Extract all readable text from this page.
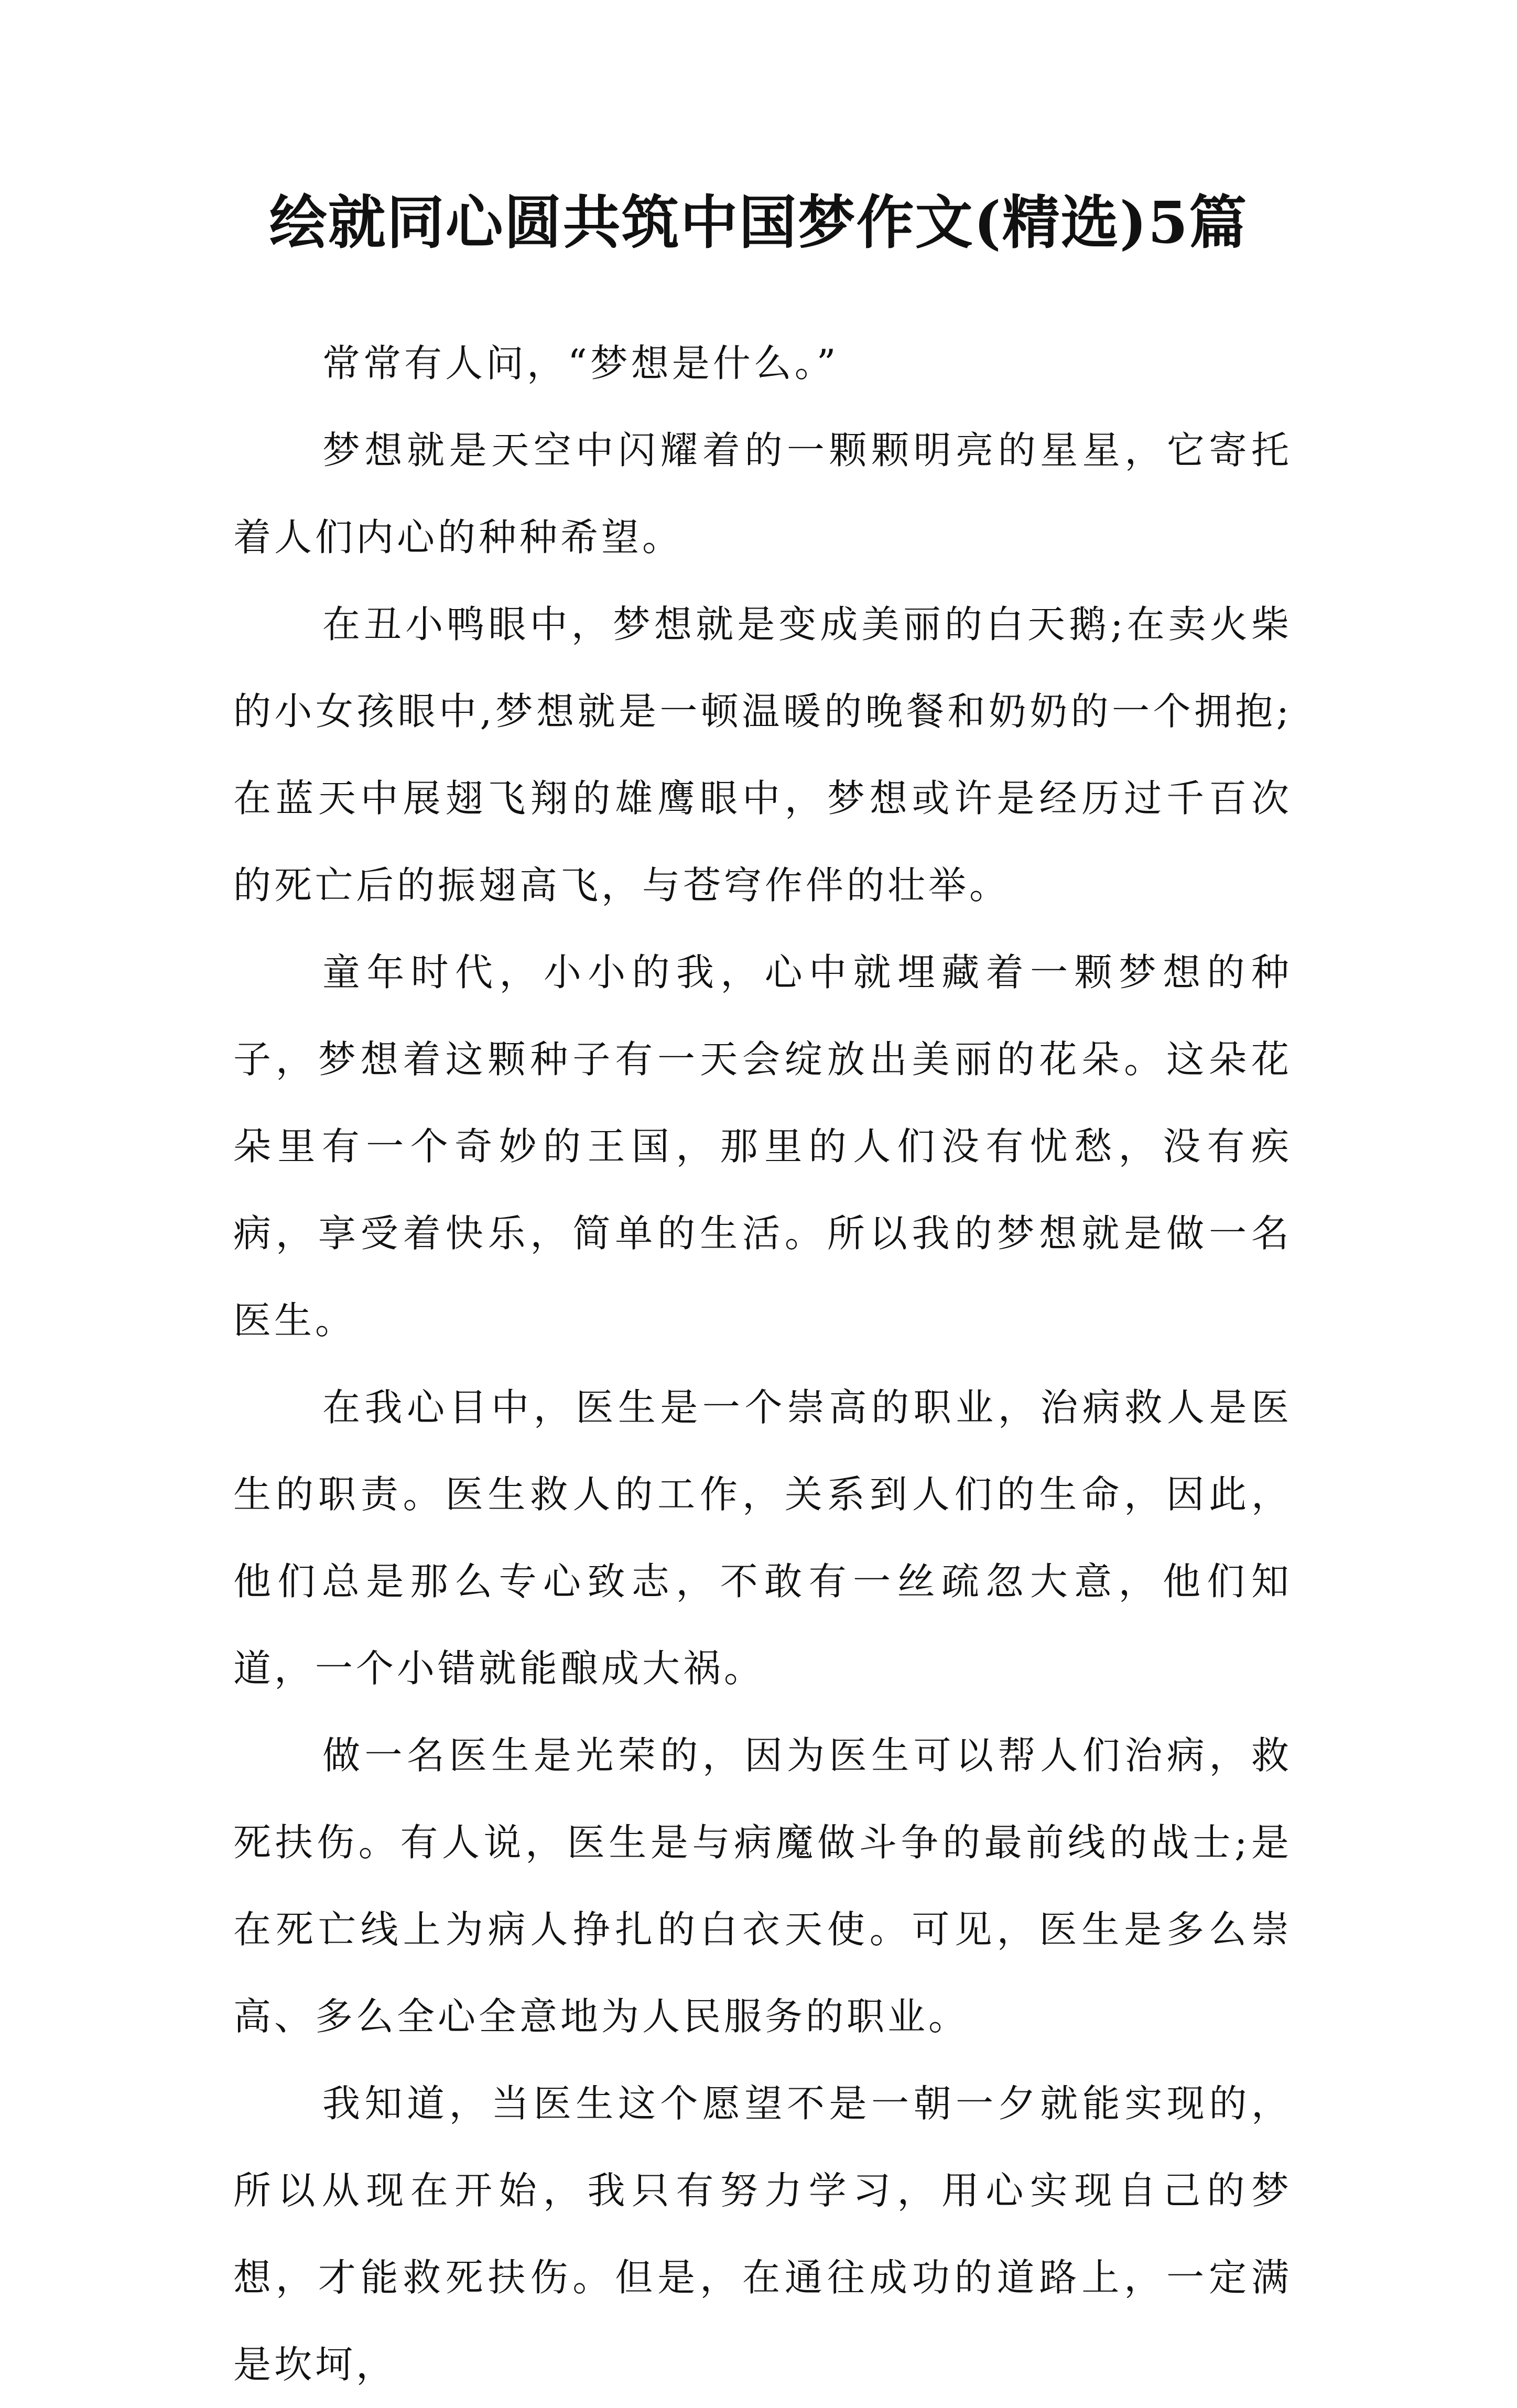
绘就同心圆共筑中国梦作文(精选)5篇

常常有人问，“梦想是什么。”

梦想就是天空中闪耀着的一颗颗明亮的星星，它寄托着人们内心的种种希望。

在丑小鸭眼中，梦想就是变成美丽的白天鹅;在卖火柴的小女孩眼中,梦想就是一顿温暖的晚餐和奶奶的一个拥抱;在蓝天中展翅飞翔的雄鹰眼中，梦想或许是经历过千百次的死亡后的振翅高飞，与苍穹作伴的壮举。

童年时代，小小的我，心中就埋藏着一颗梦想的种子，梦想着这颗种子有一天会绽放出美丽的花朵。这朵花朵里有一个奇妙的王国，那里的人们没有忧愁，没有疾病，享受着快乐，简单的生活。所以我的梦想就是做一名医生。

在我心目中，医生是一个崇高的职业，治病救人是医生的职责。医生救人的工作，关系到人们的生命，因此，他们总是那么专心致志，不敢有一丝疏忽大意，他们知道，一个小错就能酿成大祸。

做一名医生是光荣的，因为医生可以帮人们治病，救死扶伤。有人说，医生是与病魔做斗争的最前线的战士;是在死亡线上为病人挣扎的白衣天使。可见，医生是多么崇高、多么全心全意地为人民服务的职业。

我知道，当医生这个愿望不是一朝一夕就能实现的，所以从现在开始，我只有努力学习，用心实现自己的梦想，才能救死扶伤。但是，在通往成功的道路上，一定满是坎坷，
